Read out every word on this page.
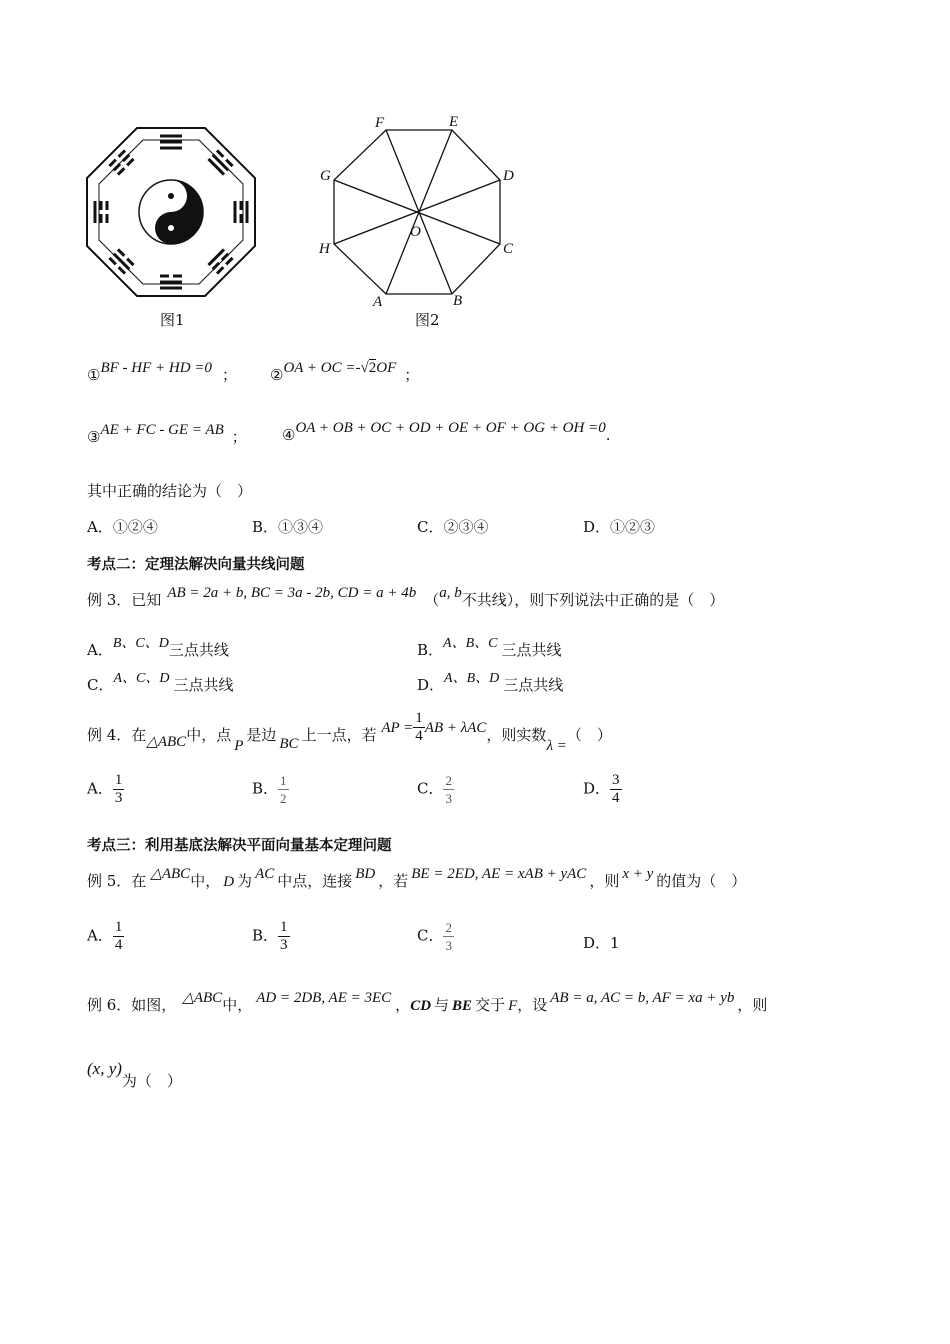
图1
F	E
D
C
B
A
H
G
O
图2
①BF - HF + HD =0 ； ②OA + OC =-√2OF ；
③AE + FC - GE = AB ； ④OA + OB + OC + OD + OE + OF + OG + OH =0.
其中正确的结论为（　）
A．①②④	B．①③④	C．②③④	D．①②③
考点二：定理法解决向量共线问题
例 3．已知 AB = 2a + b, BC = 3a - 2b, CD = a + 4b （a, b不共线），则下列说法中正确的是（　）
A．B、C、D三点共线	B．A、B、C 三点共线
C．A、C、D 三点共线	D．A、B、D 三点共线
例 4．在△ABC中，点P是边 BC 上一点，若 AP = $\frac{1}{4}$ AB + λAC，则实数λ =（　）
A． $\frac{1}{3}$	B． $\frac{1}{2}$	C． $\frac{2}{3}$	D． $\frac{3}{4}$
考点三：利用基底法解决平面向量基本定理问题
例 5．在 △ABC中， D 为 AC 中点，连接 BD ，若 BE = 2ED, AE = xAB + yAC ，则 x + y 的值为（　）
A． $\frac{1}{4}$	B． $\frac{1}{3}$	C． $\frac{2}{3}$	D．1
例 6．如图， △ABC中， AD = 2DB, AE = 3EC ，CD 与 BE 交于 F，设 AB = a, AC = b, AF = xa + yb ，则
(x, y)为（　）
